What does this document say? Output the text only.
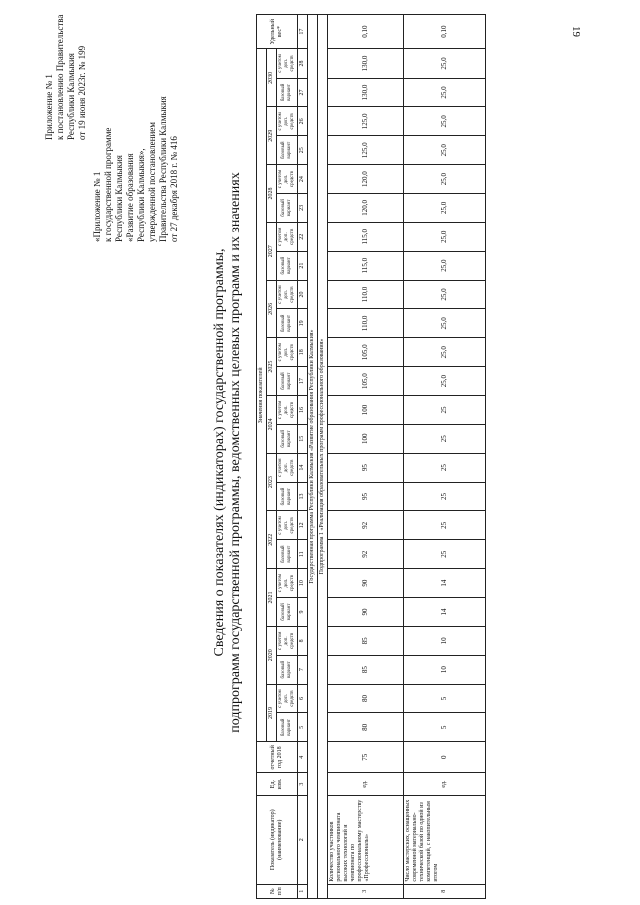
19
Приложение № 1 к постановлению Правительства Республики Калмыкия от 19 июня 2023г. № 199
«Приложение № 1 к государственной программе Республики Калмыкия «Развитие образования Республики Калмыкия», утвержденной постановлением Правительства Республики Калмыкия от 27 декабря 2018 г. № 416
Сведения о показателях (индикаторах) государственной программы, подпрограмм государственной программы, ведомственных целевых программ и их значениях
№ п/п	Показатель (индикатор) (наименование)	Ед. изм.	отчетный год 2018	Значения показателей																								Удельный вес*
				2019		2020		2021		2022		2023		2024		2025		2026		2027		2028		2029		2030		
				базовый вариант	с учетом доп. средств	базовый вариант	с учетом доп. средств	базовый вариант	с учетом доп. средств	базовый вариант	с учетом доп. средств	базовый вариант	с учетом доп. средств	базовый вариант	с учетом доп. средств	базовый вариант	с учетом доп. средств	базовый вариант	с учетом доп. средств	базовый вариант	с учетом доп. средств	базовый вариант	с учетом доп. средств	базовый вариант	с учетом доп. средств	базовый вариант	с учетом доп. средств	
1	2	3	4	5	6	7	8	9	10	11	12	13	14	15	16	17	18	19	20	21	22	23	24	25	26	27	28	17
Государственная программа Республики Калмыкия «Развитие образования Республики Калмыкия»																												
Подпрограмма 1 «Реализация образовательных программ профессионального образования»																												
3	Количество участников регионального чемпионата высоких технологий и чемпионата по профессиональному мастерству «Профессионалы»	ед.	75	80	80	85	85	90	90	92	92	95	95	100	100	105,0	105,0	110,0	110,0	115,0	115,0	120,0	120,0	125,0	125,0	130,0	130,0	0,10
8	Число мастерских, оснащенных современной материально-технической базой по одной из компетенций, с накопительным итогом	ед.	0	5	5	10	10	14	14	25	25	25	25	25	25	25,0	25,0	25,0	25,0	25,0	25,0	25,0	25,0	25,0	25,0	25,0	25,0	0,10
